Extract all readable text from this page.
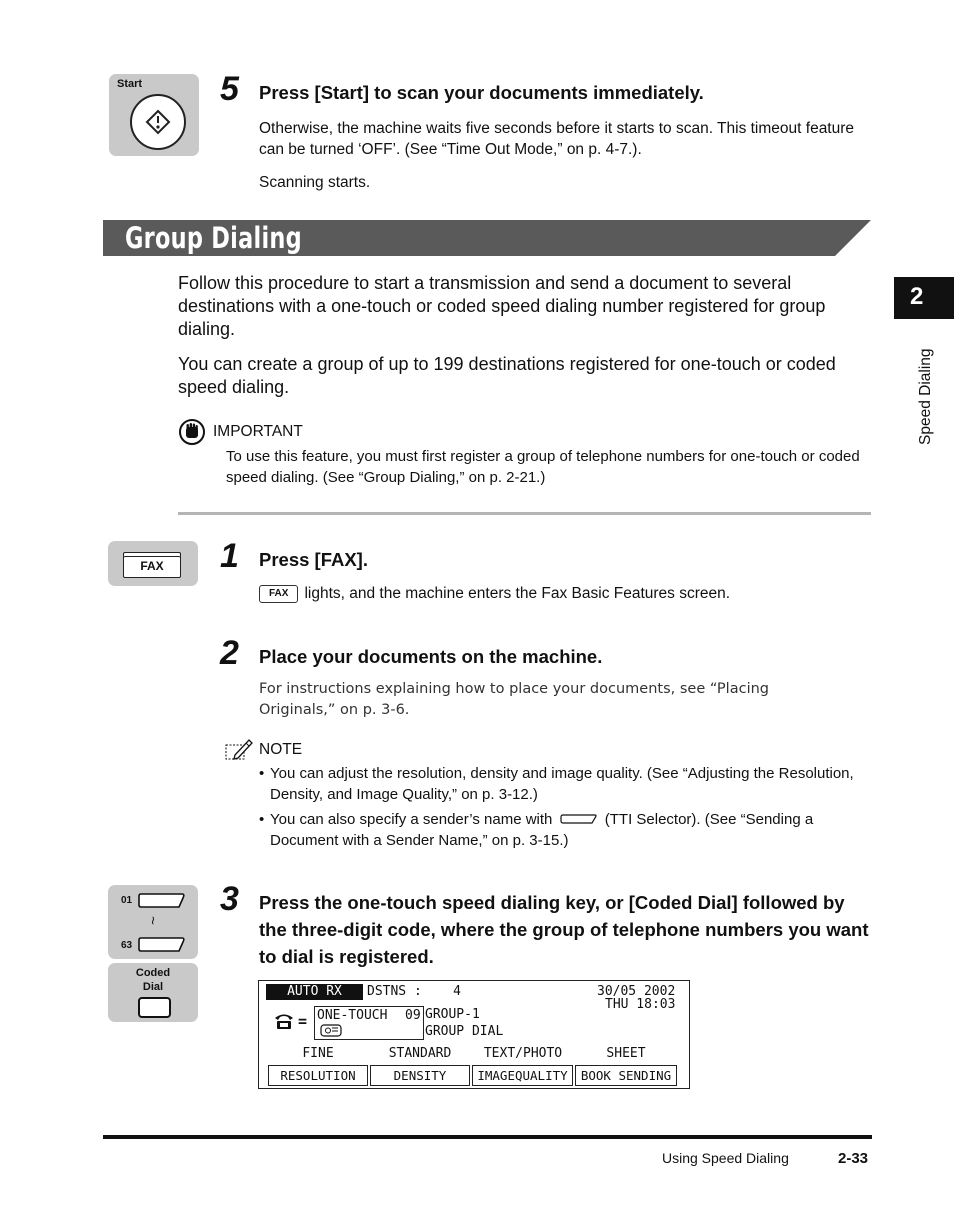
Start 5 Press [Start] to scan your documents immediately.
Otherwise, the machine waits five seconds before it starts to scan. This timeout feature can be turned ‘OFF’. (See “Time Out Mode,” on p. 4-7.).
Scanning starts.
Group Dialing
Follow this procedure to start a transmission and send a document to several destinations with a one-touch or coded speed dialing number registered for group dialing.
You can create a group of up to 199 destinations registered for one-touch or coded speed dialing.
IMPORTANT
To use this feature, you must first register a group of telephone numbers for one-touch or coded speed dialing. (See “Group Dialing,” on p. 2-21.)
2
Speed Dialing
FAX	1 Press [FAX].
FAX lights, and the machine enters the Fax Basic Features screen.
2 Place your documents on the machine.
For instructions explaining how to place your documents, see “Placing Originals,” on p. 3-6.
NOTE
• You can adjust the resolution, density and image quality. (See “Adjusting the Resolution, Density, and Image Quality,” on p. 3-12.)
• You can also specify a sender’s name with	(TTI Selector). (See “Sending a Document with a Sender Name,” on p. 3-15.)
01
~
63
Coded
Dial
3 Press the one-touch speed dialing key, or [Coded Dial] followed by the three-digit code, where the group of telephone numbers you want to dial is registered.
AUTO RX	DSTNS :    4	30/05 2002
THU 18:03
= ONE-TOUCH 09 GROUP-1
GROUP DIAL
FINE	STANDARD	TEXT/PHOTO	SHEET
RESOLUTION	DENSITY	IMAGEQUALITY	BOOK SENDING
Using Speed Dialing	2-33
